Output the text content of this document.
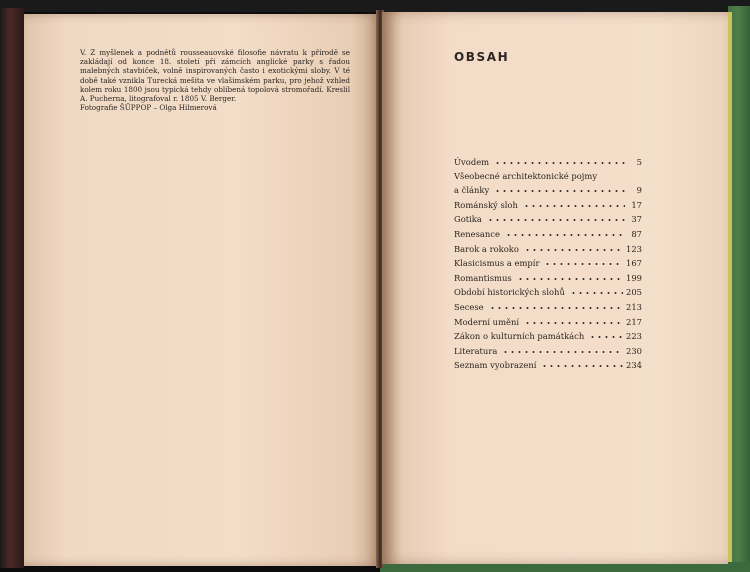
V. Z myšlenek a podnětů rousseauovské filosofie návratu k přírodě se zakládají od konce 18. století při zámcích anglické parky s řadou malebných stavbiček, volně inspirovaných často i exotickými sloby. V té době také vznikla Turecká mešita ve vlašimském parku, pro jehož vzhled kolem roku 1800 jsou typická tehdy oblíbená topolová stromořadí. Kreslil A. Pucherna, litografoval r. 1805 V. Berger.

Fotografie ŠÜPPOP – Olga Hilmerová

OBSAH
Úvodem	5
Všeobecné architektonické pojmy
a články	9
Románský sloh	17
Gotika	37
Renesance	87
Barok a rokoko	123
Klasicismus a empír	167
Romantismus	199
Období historických slohů	205
Secese	213
Moderní umění	217
Zákon o kulturních památkách	223
Literatura	230
Seznam vyobrazení	234
